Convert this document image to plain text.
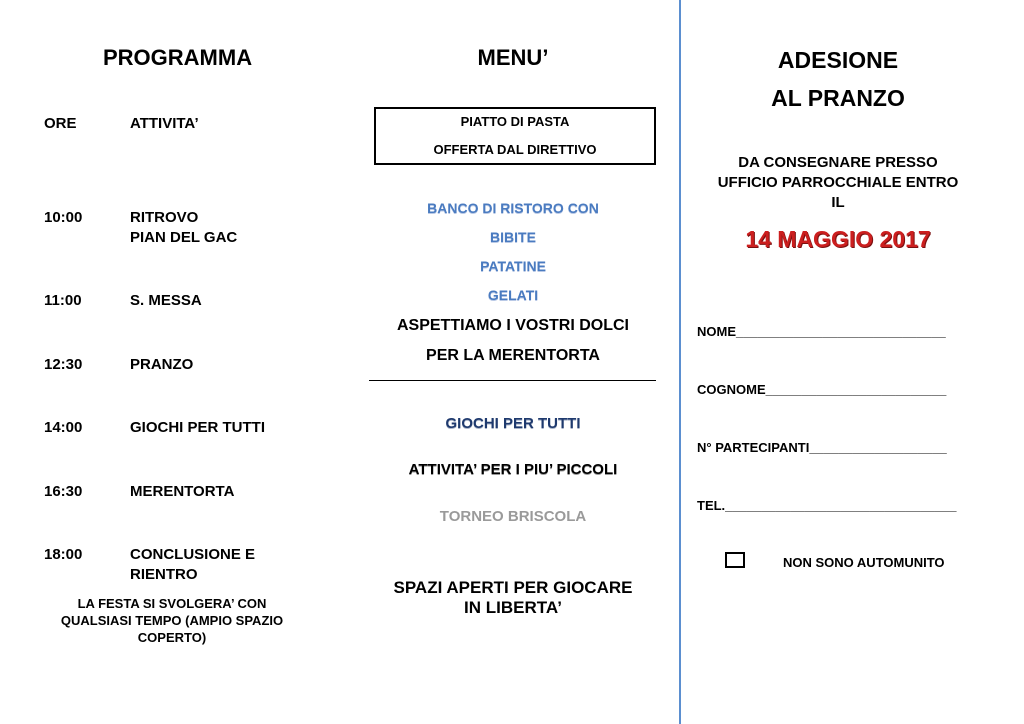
PROGRAMMA
ORE	ATTIVITA’
10:00	RITROVO
PIAN DEL GAC
11:00	S. MESSA
12:30	PRANZO
14:00	GIOCHI PER TUTTI
16:30	MERENTORTA
18:00	CONCLUSIONE E
RIENTRO
LA FESTA SI SVOLGERA’ CON
QUALSIASI TEMPO (AMPIO SPAZIO
COPERTO)
MENU’
PIATTO DI PASTA
OFFERTA DAL DIRETTIVO
BANCO DI RISTORO CON
BIBITE
PATATINE
GELATI
ASPETTIAMO I VOSTRI DOLCI
PER LA MERENTORTA
GIOCHI PER TUTTI
ATTIVITA’ PER I PIU’ PICCOLI
TORNEO BRISCOLA
SPAZI APERTI PER GIOCARE
IN LIBERTA’
ADESIONE
AL PRANZO
DA CONSEGNARE PRESSO
UFFICIO PARROCCHIALE ENTRO
IL
14 MAGGIO 2017
NOME_____________________________
COGNOME_________________________
N° PARTECIPANTI___________________
TEL.________________________________
NON SONO AUTOMUNITO
